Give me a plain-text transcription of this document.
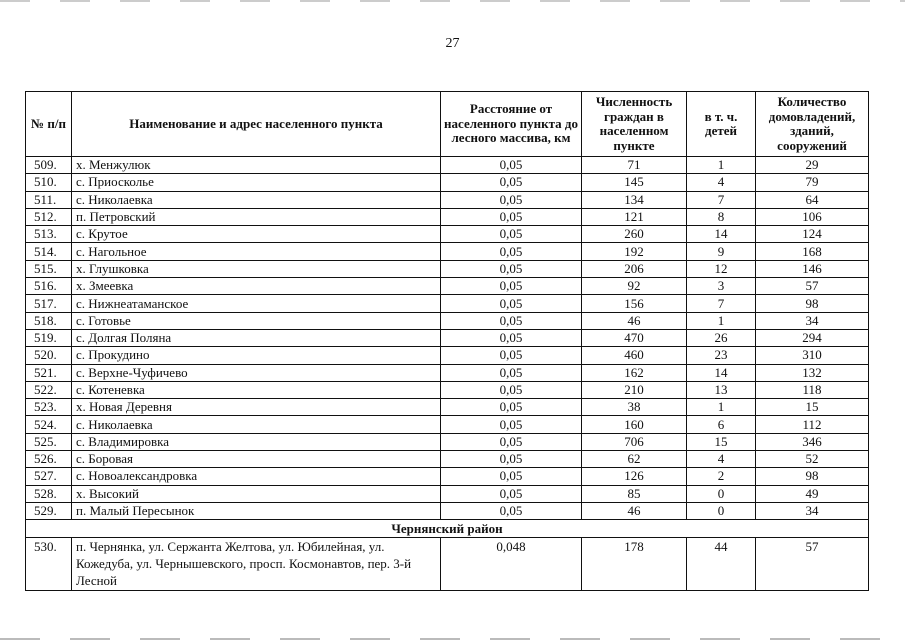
27
№ п/п	Наименование и адрес населенного пункта	Расстояние от населенного пункта до лесного массива, км	Численность граждан в населенном пункте	в т. ч. детей	Количество домовладений, зданий, сооружений
509.	х. Менжулюк	0,05	71	1	29
510.	с. Приосколье	0,05	145	4	79
511.	с. Николаевка	0,05	134	7	64
512.	п. Петровский	0,05	121	8	106
513.	с. Крутое	0,05	260	14	124
514.	с. Нагольное	0,05	192	9	168
515.	х. Глушковка	0,05	206	12	146
516.	х. Змеевка	0,05	92	3	57
517.	с. Нижнеатаманское	0,05	156	7	98
518.	с. Готовье	0,05	46	1	34
519.	с. Долгая Поляна	0,05	470	26	294
520.	с. Прокудино	0,05	460	23	310
521.	с. Верхне-Чуфичево	0,05	162	14	132
522.	с. Котеневка	0,05	210	13	118
523.	х. Новая Деревня	0,05	38	1	15
524.	с. Николаевка	0,05	160	6	112
525.	с. Владимировка	0,05	706	15	346
526.	с. Боровая	0,05	62	4	52
527.	с. Новоалександровка	0,05	126	2	98
528.	х. Высокий	0,05	85	0	49
529.	п. Малый Пересынок	0,05	46	0	34
Чернянский район					
530.	п. Чернянка, ул. Сержанта Желтова, ул. Юбилейная, ул. Кожедуба, ул. Чернышевского, просп. Космонавтов, пер. 3-й Лесной	0,048	178	44	57
